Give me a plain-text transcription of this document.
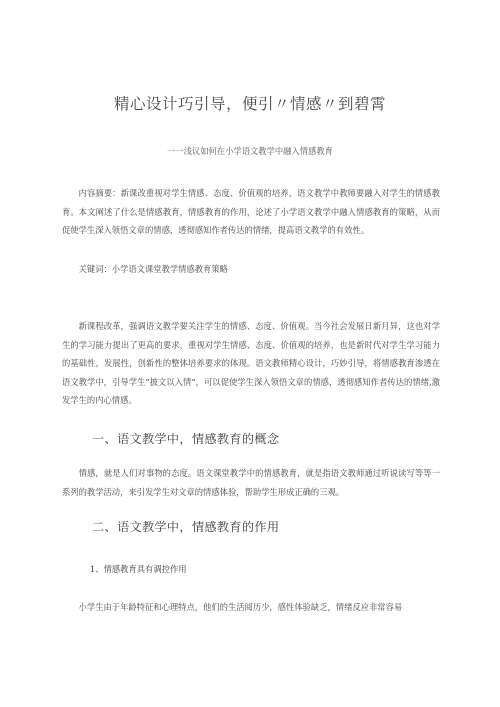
精心设计巧引导，便引〃情感〃到碧霄
一一浅议如何在小学语文教学中融入情感教育

内容摘要：新课改重视对学生情感、态度、价值观的培养，语文教学中教师要融入对学生的情感教育。本文阐述了什么是情感教育，情感教育的作用，论述了小学语文教学中融入情感教育的策略，从而促使学生深入领悟文章的情感，透彻感知作者传达的情绪，提高语文教学的有效性。

关键词：小学语文课堂教学情感教育策略

新课程改革，强调语文教学要关注学生的情感、态度、价值观。当今社会发展日新月异，这也对学生的学习能力提出了更高的要求，重视对学生情感、态度、价值观的培养，也是新时代对学生学习能力的基础性，发展性，创新性的整体培养要求的体现。语文教师精心设计，巧妙引导，将情感教育渗透在语文教学中，引导学生”披文以入情”，可以促使学生深入领悟文章的情感，透彻感知作者传达的情绪,激发学生的内心情感。

一、语文教学中，情感教育的概念

情感，就是人们对事物的态度。语文课堂教学中的情感教育，就是指语文教师通过听说读写等等一系列的教学活动，来引发学生对文章的情感体验，帮助学生形成正确的三观。

二、语文教学中，情感教育的作用
1、情感教育具有调控作用

小学生由于年龄特征和心理特点，他们的生活阅历少，感性体验缺乏，情绪反应非常容易
